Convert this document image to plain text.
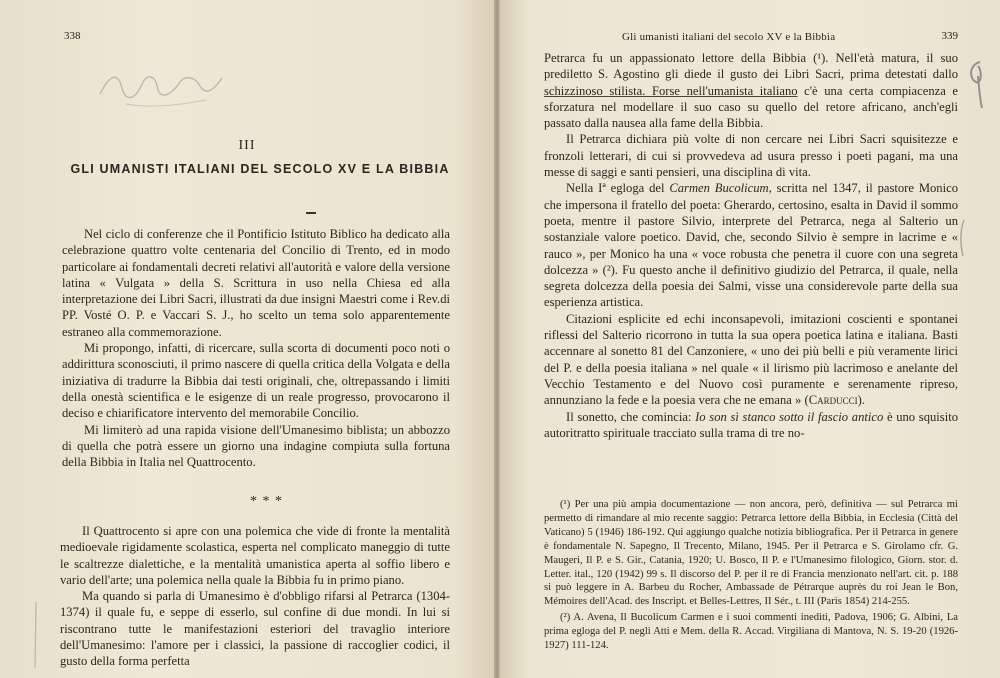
338
III
GLI UMANISTI ITALIANI DEL SECOLO XV E LA BIBBIA

Nel ciclo di conferenze che il Pontificio Istituto Biblico ha dedicato alla celebrazione quattro volte centenaria del Concilio di Trento, ed in modo particolare ai fondamentali decreti relativi all'autorità e valore della versione latina « Vulgata » della S. Scrittura in uso nella Chiesa ed alla interpretazione dei Libri Sacri, illustrati da due insigni Maestri come i Rev.di PP. Vosté O. P. e Vaccari S. J., ho scelto un tema solo apparentemente estraneo alla commemorazione.

Mi propongo, infatti, di ricercare, sulla scorta di documenti poco noti o addirittura sconosciuti, il primo nascere di quella critica della Volgata e della iniziativa di tradurre la Bibbia dai testi originali, che, oltrepassando i limiti della onestà scientifica e le esigenze di un reale progresso, provocarono il deciso e chiarificatore intervento del memorabile Concilio.

Mi limiterò ad una rapida visione dell'Umanesimo biblista; un abbozzo di quella che potrà essere un giorno una indagine compiuta sulla fortuna della Bibbia in Italia nel Quattrocento.

* * *

Il Quattrocento si apre con una polemica che vide di fronte la mentalità medioevale rigidamente scolastica, esperta nel complicato maneggio di tutte le scaltrezze dialettiche, e la mentalità umanistica aperta al soffio libero e vario dell'arte; una polemica nella quale la Bibbia fu in primo piano.

Ma quando si parla di Umanesimo è d'obbligo rifarsi al Petrarca (1304-1374) il quale fu, e seppe di esserlo, sul confine di due mondi. In lui si riscontrano tutte le manifestazioni esteriori del travaglio interiore dell'Umanesimo: l'amore per i classici, la passione di raccoglier codici, il gusto della forma perfetta

Gli umanisti italiani del secolo XV e la Bibbia	339

Petrarca fu un appassionato lettore della Bibbia (¹). Nell'età matura, il suo prediletto S. Agostino gli diede il gusto dei Libri Sacri, prima detestati dallo schizzinoso stilista. Forse nell'umanista italiano c'è una certa compiacenza e sforzatura nel modellare il suo caso su quello del retore africano, anch'egli passato dalla nausea alla fame della Bibbia.

Il Petrarca dichiara più volte di non cercare nei Libri Sacri squisitezze e fronzoli letterari, di cui si provvedeva ad usura presso i poeti pagani, ma una messe di saggi e santi pensieri, una disciplina di vita.

Nella Iª egloga del Carmen Bucolicum, scritta nel 1347, il pastore Monico che impersona il fratello del poeta: Gherardo, certosino, esalta in David il sommo poeta, mentre il pastore Silvio, interprete del Petrarca, nega al Salterio un sostanziale valore poetico. David, che, secondo Silvio è sempre in lacrime e « rauco », per Monico ha una « voce robusta che penetra il cuore con una segreta dolcezza » (²). Fu questo anche il definitivo giudizio del Petrarca, il quale, nella segreta dolcezza della poesia dei Salmi, visse una considerevole parte della sua esperienza artistica.

Citazioni esplicite ed echi inconsapevoli, imitazioni coscienti e spontanei riflessi del Salterio ricorrono in tutta la sua opera poetica latina e italiana. Basti accennare al sonetto 81 del Canzoniere, « uno dei più belli e più veramente lirici del P. e della poesia italiana » nel quale « il lirismo più lacrimoso e anelante del Vecchio Testamento e del Nuovo così puramente e serenamente ripreso, annunziano la fede e la poesia vera che ne emana » (Carducci).

Il sonetto, che comincia: Io son sì stanco sotto il fascio antico è uno squisito autoritratto spirituale tracciato sulla trama di tre no-

(¹) Per una più ampia documentazione — non ancora, però, definitiva — sul Petrarca mi permetto di rimandare al mio recente saggio: Petrarca lettore della Bibbia, in Ecclesia (Città del Vaticano) 5 (1946) 186-192. Qui aggiungo qualche notizia bibliografica. Per il Petrarca in genere è fondamentale N. Sapegno, Il Trecento, Milano, 1945. Per il Petrarca e S. Girolamo cfr. G. Maugeri, Il P. e S. Gir., Catania, 1920; U. Bosco, Il P. e l'Umanesimo filologico, Giorn. stor. d. Letter. ital., 120 (1942) 99 s. Il discorso del P. per il re di Francia menzionato nell'art. cit. p. 188 si può leggere in A. Barbeu du Rocher, Ambassade de Pétrarque auprès du roi Jean le Bon, Mémoires dell'Acad. des Inscript. et Belles-Lettres, II Sér., t. III (Paris 1854) 214-255.

(²) A. Avena, Il Bucolicum Carmen e i suoi commenti inediti, Padova, 1906; G. Albini, La prima egloga del P. negli Atti e Mem. della R. Accad. Virgiliana di Mantova, N. S. 19-20 (1926-1927) 111-124.
